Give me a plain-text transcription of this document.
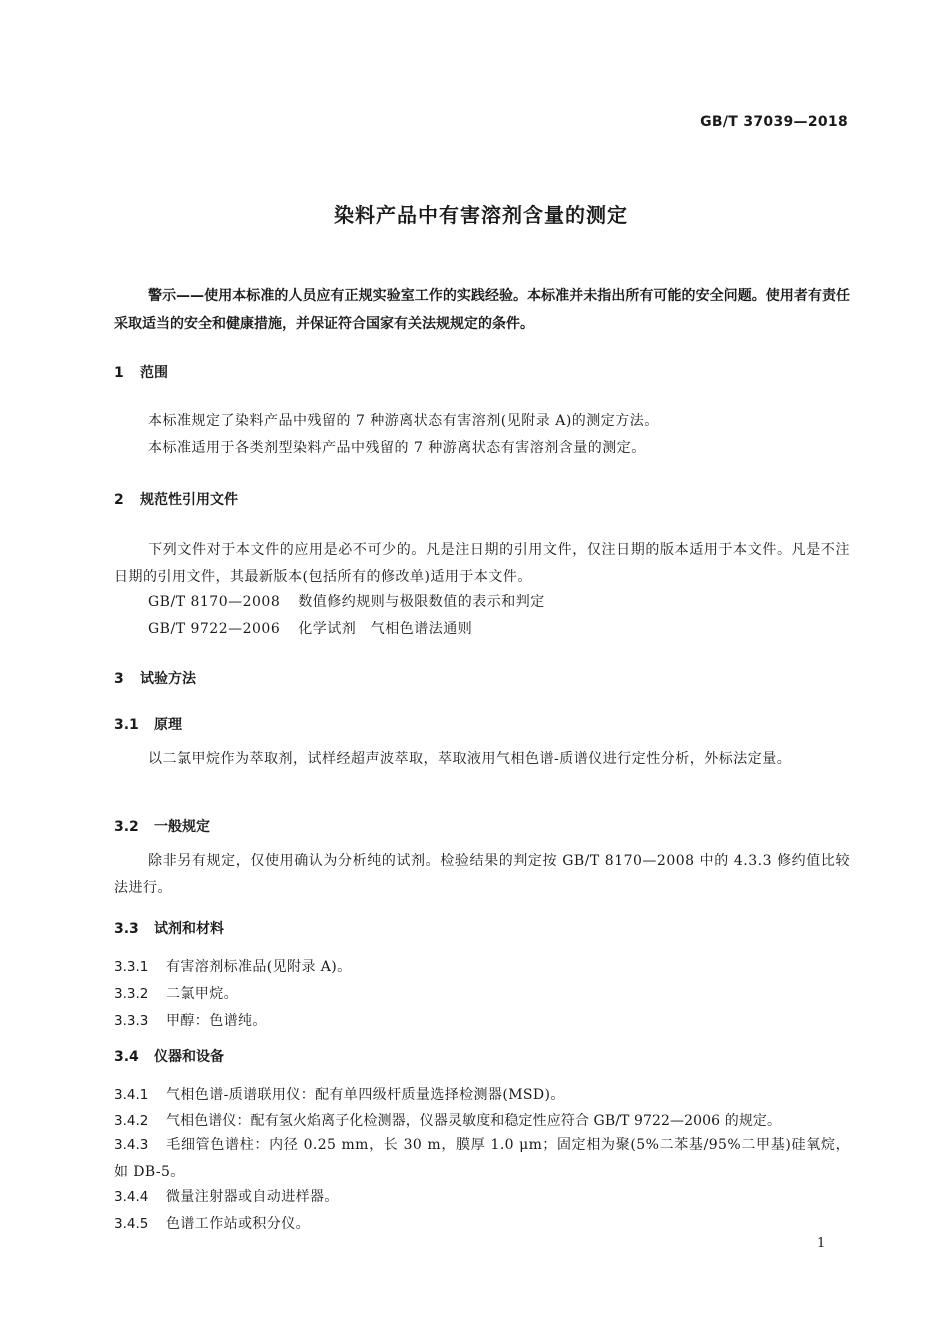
GB/T 37039—2018
染料产品中有害溶剂含量的测定
警示——使用本标准的人员应有正规实验室工作的实践经验。本标准并未指出所有可能的安全问题。使用者有责任采取适当的安全和健康措施，并保证符合国家有关法规规定的条件。
1 范围
本标准规定了染料产品中残留的 7 种游离状态有害溶剂(见附录 A)的测定方法。
本标准适用于各类剂型染料产品中残留的 7 种游离状态有害溶剂含量的测定。
2 规范性引用文件
下列文件对于本文件的应用是必不可少的。凡是注日期的引用文件，仅注日期的版本适用于本文件。凡是不注日期的引用文件，其最新版本(包括所有的修改单)适用于本文件。
GB/T 8170—2008 数值修约规则与极限数值的表示和判定
GB/T 9722—2006 化学试剂　气相色谱法通则
3 试验方法
3.1 原理
以二氯甲烷作为萃取剂，试样经超声波萃取，萃取液用气相色谱-质谱仪进行定性分析，外标法定量。
3.2 一般规定
除非另有规定，仅使用确认为分析纯的试剂。检验结果的判定按 GB/T 8170—2008 中的 4.3.3 修约值比较法进行。
3.3 试剂和材料
3.3.1 有害溶剂标准品(见附录 A)。
3.3.2 二氯甲烷。
3.3.3 甲醇：色谱纯。
3.4 仪器和设备
3.4.1 气相色谱-质谱联用仪：配有单四级杆质量选择检测器(MSD)。
3.4.2 气相色谱仪：配有氢火焰离子化检测器，仪器灵敏度和稳定性应符合 GB/T 9722—2006 的规定。
3.4.3 毛细管色谱柱：内径 0.25 mm，长 30 m，膜厚 1.0 μm；固定相为聚(5%二苯基/95%二甲基)硅氧烷，如 DB-5。
3.4.4 微量注射器或自动进样器。
3.4.5 色谱工作站或积分仪。
1
